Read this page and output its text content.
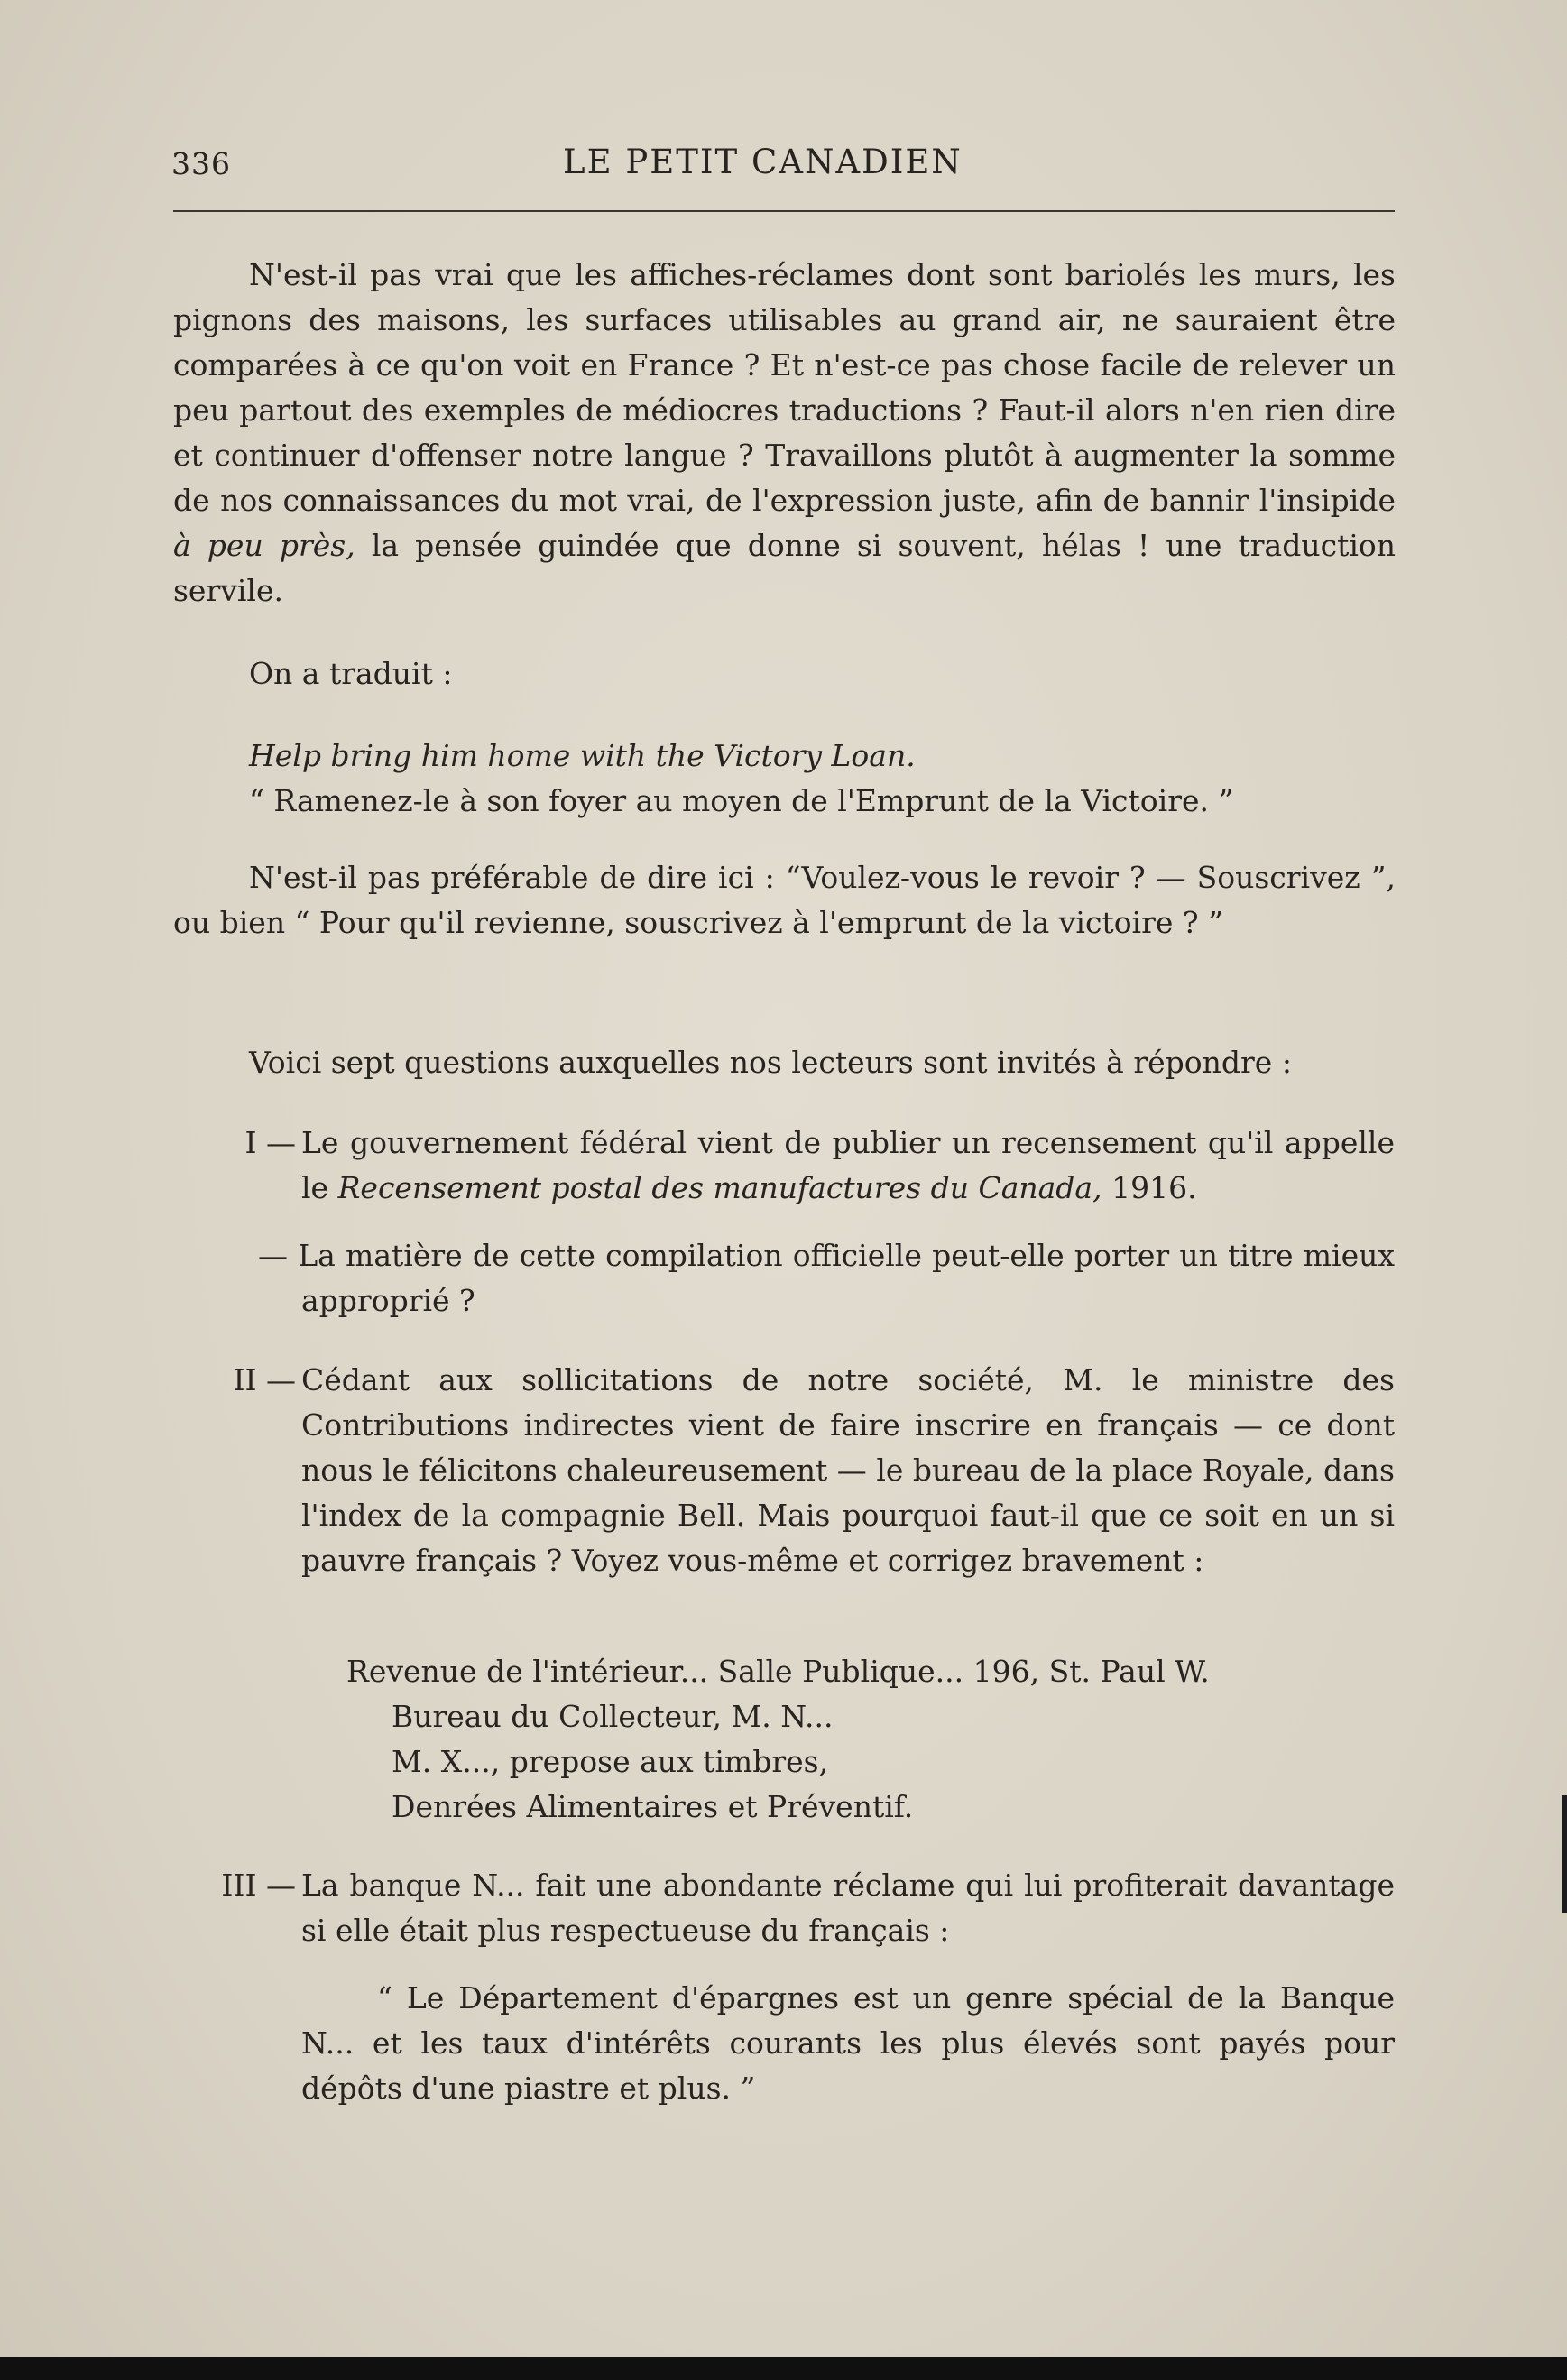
336	LE PETIT CANADIEN
N'est-il pas vrai que les affiches-réclames dont sont bariolés les murs, les pignons des maisons, les surfaces utilisables au grand air, ne sauraient être comparées à ce qu'on voit en France ? Et n'est-ce pas chose facile de relever un peu partout des exemples de médiocres traductions ? Faut-il alors n'en rien dire et continuer d'offenser notre langue ? Travaillons plutôt à augmenter la somme de nos connaissances du mot vrai, de l'expression juste, afin de bannir l'insipide à peu près, la pensée guindée que donne si souvent, hélas ! une traduction servile.
On a traduit :
Help bring him home with the Victory Loan.
“ Ramenez-le à son foyer au moyen de l'Emprunt de la Victoire. ”
N'est-il pas préférable de dire ici : “Voulez-vous le revoir ? — Souscrivez ”, ou bien “ Pour qu'il revienne, souscrivez à l'emprunt de la victoire ? ”
Voici sept questions auxquelles nos lecteurs sont invités à répondre :
I — Le gouvernement fédéral vient de publier un recensement qu'il appelle le Recensement postal des manufactures du Canada, 1916.
— La matière de cette compilation officielle peut-elle porter un titre mieux approprié ?
II — Cédant aux sollicitations de notre société, M. le ministre des Contributions indirectes vient de faire inscrire en français — ce dont nous le félicitons chaleureusement — le bureau de la place Royale, dans l'index de la compagnie Bell. Mais pourquoi faut-il que ce soit en un si pauvre français ? Voyez vous-même et corrigez bravement :
Revenue de l'intérieur... Salle Publique... 196, St. Paul W.
Bureau du Collecteur, M. N...
M. X..., prepose aux timbres,
Denrées Alimentaires et Préventif.
III — La banque N... fait une abondante réclame qui lui profiterait davantage si elle était plus respectueuse du français :
“ Le Département d'épargnes est un genre spécial de la Banque N... et les taux d'intérêts courants les plus élevés sont payés pour dépôts d'une piastre et plus. ”
